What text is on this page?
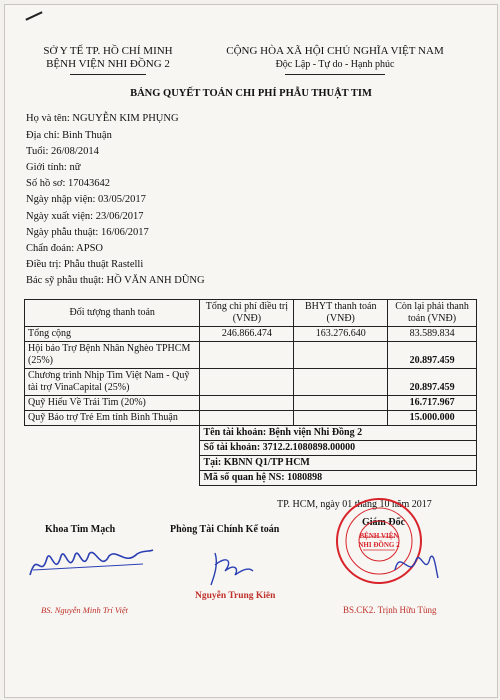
SỞ Y TẾ TP. HỒ CHÍ MINH
BỆNH VIỆN NHI ĐỒNG 2
CỘNG HÒA XÃ HỘI CHỦ NGHĨA VIỆT NAM
Độc Lập - Tự do - Hạnh phúc
BẢNG QUYẾT TOÁN CHI PHÍ PHẪU THUẬT TIM
Họ và tên: NGUYỄN KIM PHỤNG
Địa chỉ: Bình Thuận
Tuổi: 26/08/2014
Giới tính: nữ
Số hồ sơ: 17043642
Ngày nhập viện: 03/05/2017
Ngày xuất viện: 23/06/2017
Ngày phẫu thuật: 16/06/2017
Chẩn đoán: APSO
Điều trị: Phẫu thuật Rastelli
Bác sỹ phẫu thuật: HỒ VĂN ANH DŨNG
Đối tượng thanh toán	Tổng chi phí điều trị (VNĐ)	BHYT thanh toán (VNĐ)	Còn lại phải thanh toán (VNĐ)
Tổng cộng	246.866.474	163.276.640	83.589.834
Hội bảo Trợ Bệnh Nhân Nghèo TPHCM (25%)			20.897.459
Chương trình Nhịp Tim Việt Nam - Quỹ tài trợ VinaCapital (25%)			20.897.459
Quỹ Hiếu Về Trái Tim (20%)			16.717.967
Quỹ Bảo trợ Trẻ Em tỉnh Bình Thuận			15.000.000
	Tên tài khoản: Bệnh viện Nhi Đồng 2		
	Số tài khoản: 3712.2.1080898.00000		
	Tại: KBNN Q1/TP HCM		
	Mã số quan hệ NS: 1080898		
TP. HCM, ngày 01 tháng 10 năm 2017
Khoa Tim Mạch	Phòng Tài Chính Kế toán
Giám Đốc
BS. Nguyễn Minh Trí Việt
Nguyễn Trung Kiên
BỆNH VIỆN NHI ĐỒNG 2
BS.CK2. Trịnh Hữu Tùng
